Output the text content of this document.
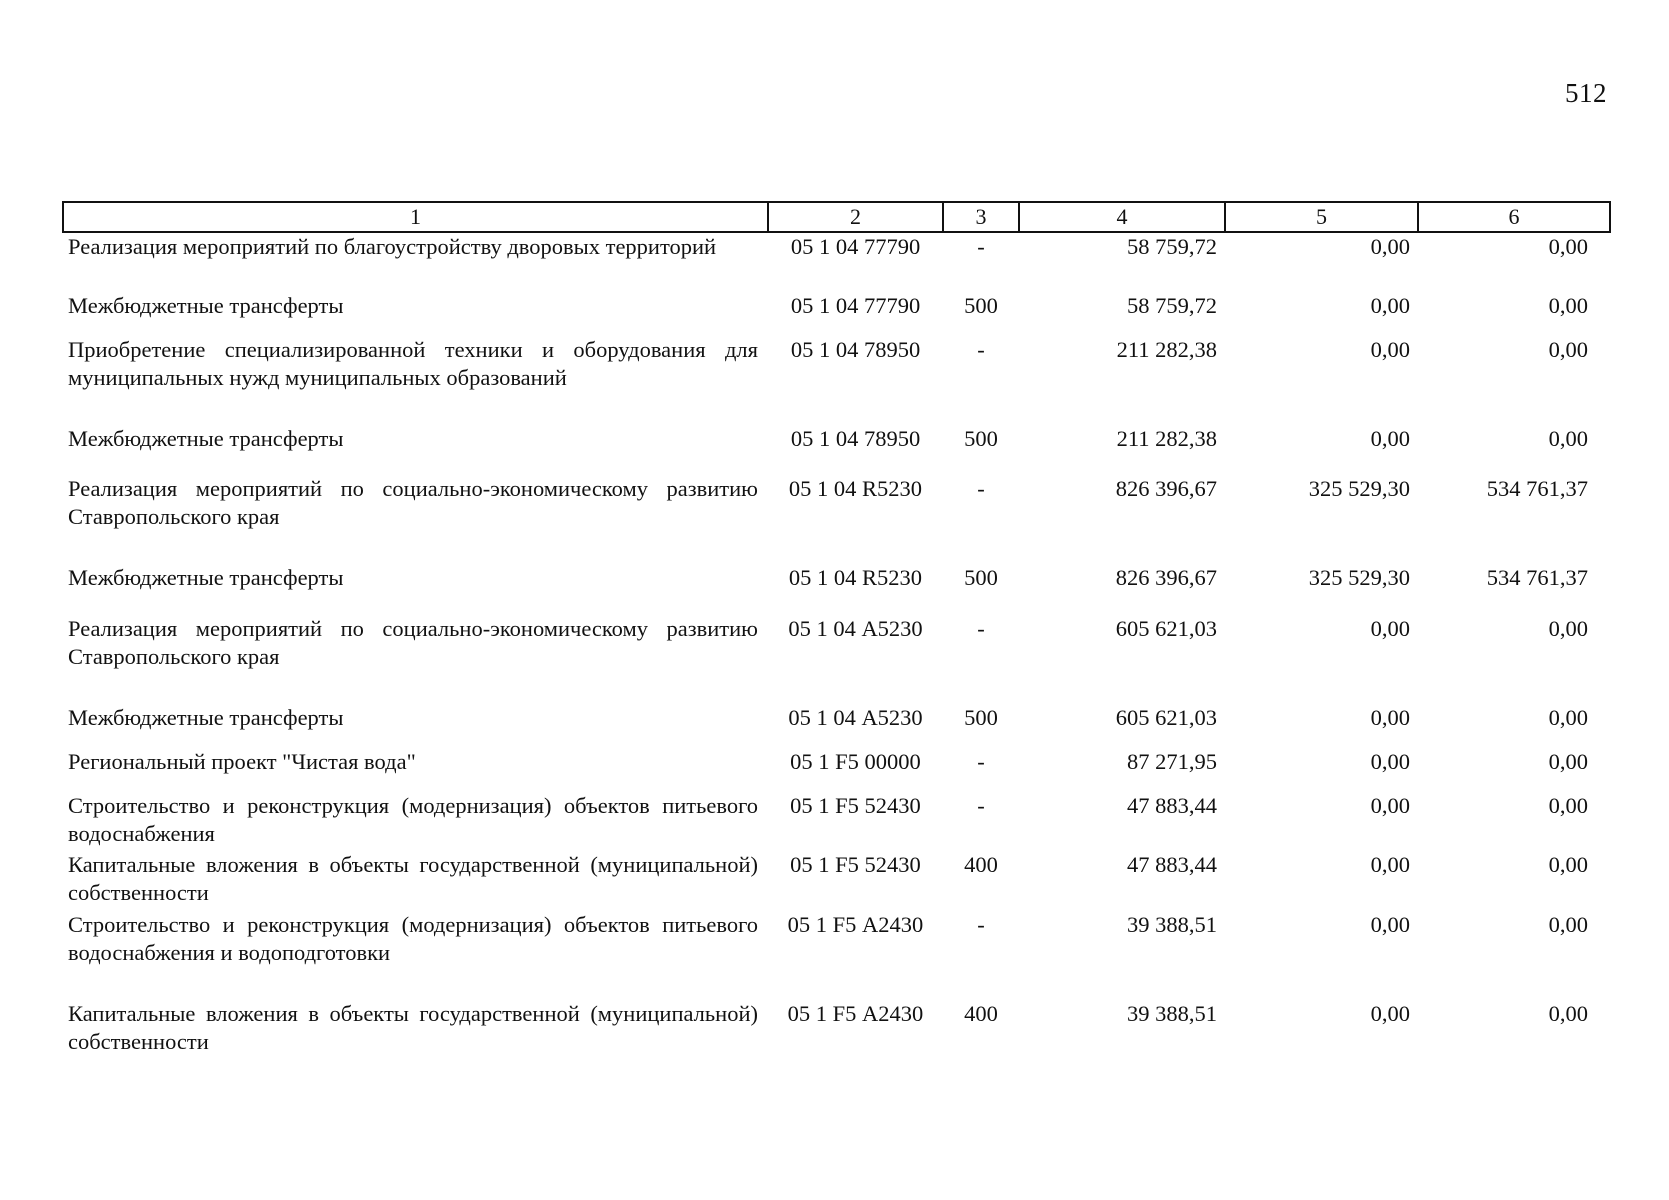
512
1	2	3	4	5	6
Реализация мероприятий по благоустройству дворовых территорий	05 1 04 77790	-	58 759,72	0,00	0,00
Межбюджетные трансферты	05 1 04 77790	500	58 759,72	0,00	0,00
Приобретение специализированной техники и оборудования для муниципальных нужд муниципальных образований	05 1 04 78950	-	211 282,38	0,00	0,00
Межбюджетные трансферты	05 1 04 78950	500	211 282,38	0,00	0,00
Реализация мероприятий по социально-экономическому развитию Ставропольского края	05 1 04 R5230	-	826 396,67	325 529,30	534 761,37
Межбюджетные трансферты	05 1 04 R5230	500	826 396,67	325 529,30	534 761,37
Реализация мероприятий по социально-экономическому развитию Ставропольского края	05 1 04 А5230	-	605 621,03	0,00	0,00
Межбюджетные трансферты	05 1 04 А5230	500	605 621,03	0,00	0,00
Региональный проект "Чистая вода"	05 1 F5 00000	-	87 271,95	0,00	0,00
Строительство и реконструкция (модернизация) объектов питьевого водоснабжения	05 1 F5 52430	-	47 883,44	0,00	0,00
Капитальные вложения в объекты государственной (муниципальной) собственности	05 1 F5 52430	400	47 883,44	0,00	0,00
Строительство и реконструкция (модернизация) объектов питьевого водоснабжения и водоподготовки	05 1 F5 А2430	-	39 388,51	0,00	0,00
Капитальные вложения в объекты государственной (муниципальной) собственности	05 1 F5 А2430	400	39 388,51	0,00	0,00
